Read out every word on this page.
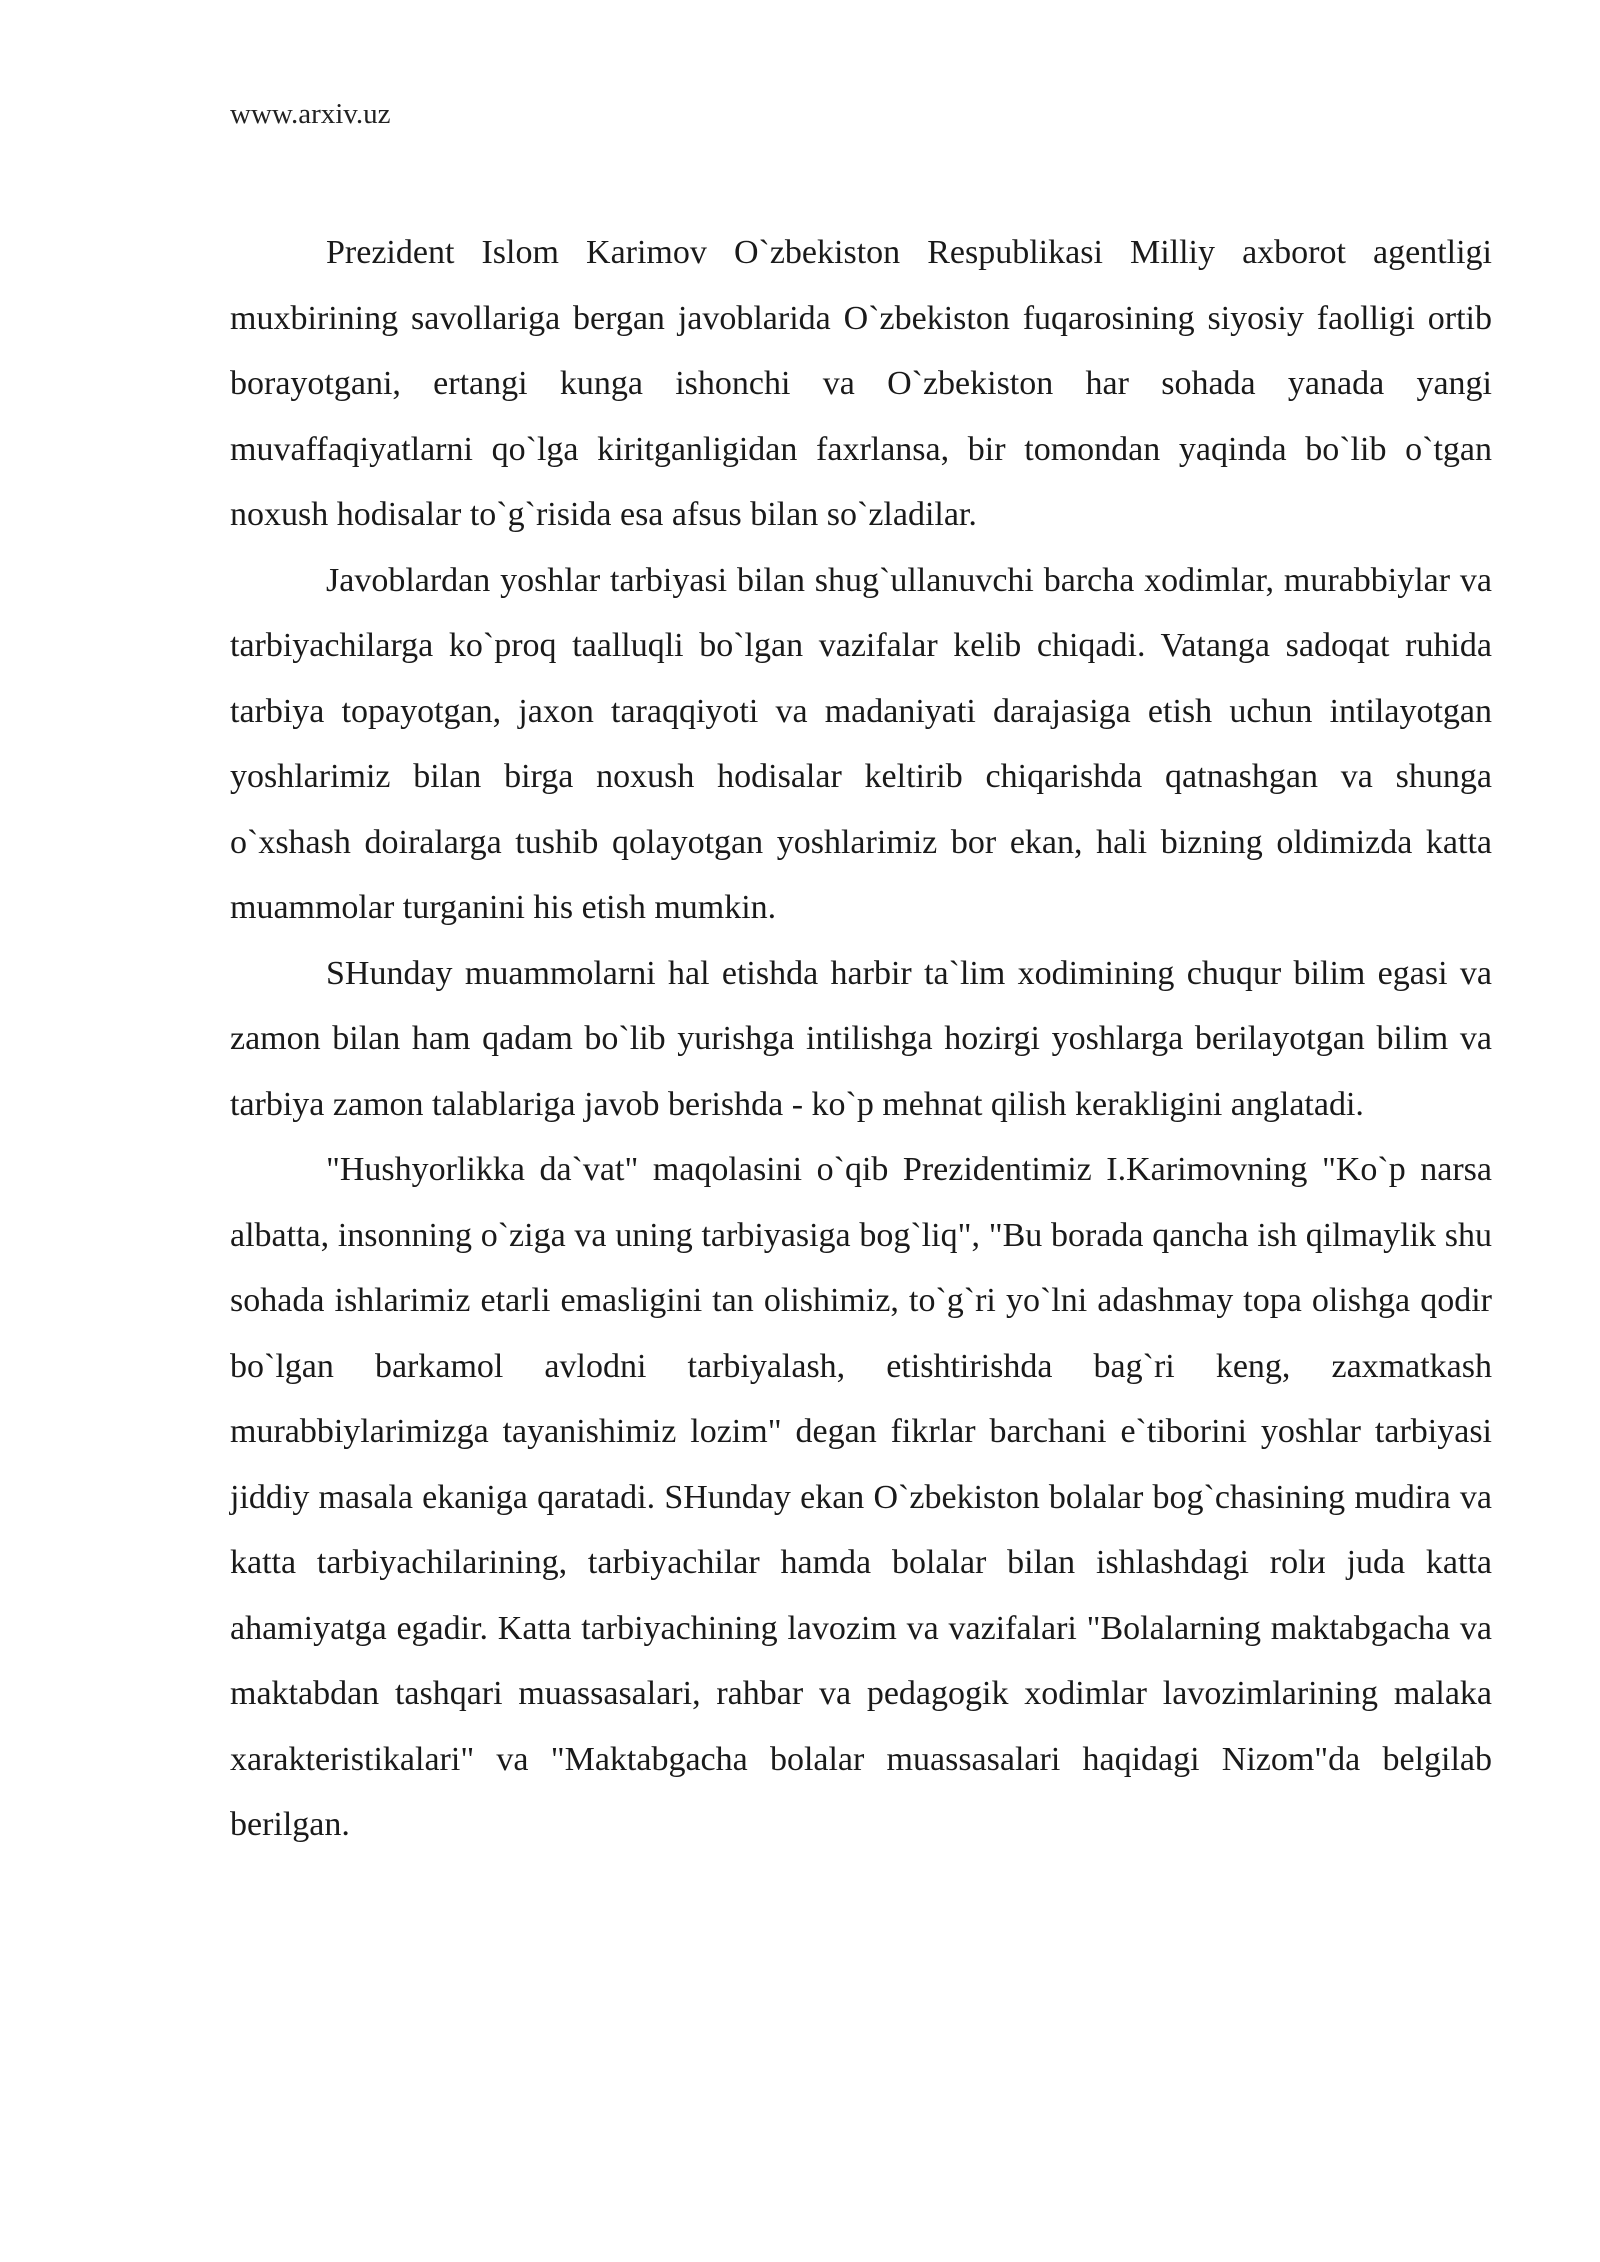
www.arxiv.uz

Prezident Islom Karimov O`zbekiston Respublikasi Milliy axborot agentligi muxbirining savollariga bergan javoblarida O`zbekiston fuqarosining siyosiy faolligi ortib borayotgani, ertangi kunga ishonchi va O`zbekiston har sohada yanada yangi muvaffaqiyatlarni qo`lga kiritganligidan faxrlansa, bir tomondan yaqinda bo`lib o`tgan noxush hodisalar to`g`risida esa afsus bilan so`zladilar.

Javoblardan yoshlar tarbiyasi bilan shug`ullanuvchi barcha xodimlar, murabbiylar va tarbiyachilarga ko`proq taalluqli bo`lgan vazifalar kelib chiqadi. Vatanga sadoqat ruhida tarbiya topayotgan, jaxon taraqqiyoti va madaniyati darajasiga etish uchun intilayotgan yoshlarimiz bilan birga noxush hodisalar keltirib chiqarishda qatnashgan va shunga o`xshash doiralarga tushib qolayotgan yoshlarimiz bor ekan, hali bizning oldimizda katta muammolar turganini his etish mumkin.

SHunday muammolarni hal etishda harbir ta`lim xodimining chuqur bilim egasi va zamon bilan ham qadam bo`lib yurishga intilishga hozirgi yoshlarga berilayotgan bilim va tarbiya zamon talablariga javob berishda - ko`p mehnat qilish kerakligini anglatadi.

"Hushyorlikka da`vat" maqolasini o`qib Prezidentimiz I.Karimovning "Ko`p narsa albatta, insonning o`ziga va uning tarbiyasiga bog`liq", "Bu borada qancha ish qilmaylik shu sohada ishlarimiz etarli emasligini tan olishimiz, to`g`ri yo`lni adashmay topa olishga qodir bo`lgan barkamol avlodni tarbiyalash, etishtirishda bag`ri keng, zaxmatkash murabbiylarimizga tayanishimiz lozim" degan fikrlar barchani e`tiborini yoshlar tarbiyasi jiddiy masala ekaniga qaratadi. SHunday ekan O`zbekiston bolalar bog`chasining mudira va katta tarbiyachilarining, tarbiyachilar hamda bolalar bilan ishlashdagi rolи juda katta ahamiyatga egadir. Katta tarbiyachining lavozim va vazifalari "Bolalarning maktabgacha va maktabdan tashqari muassasalari, rahbar va pedagogik xodimlar lavozimlarining malaka xarakteristikalari" va "Maktabgacha bolalar muassasalari haqidagi Nizom"da belgilab berilgan.
